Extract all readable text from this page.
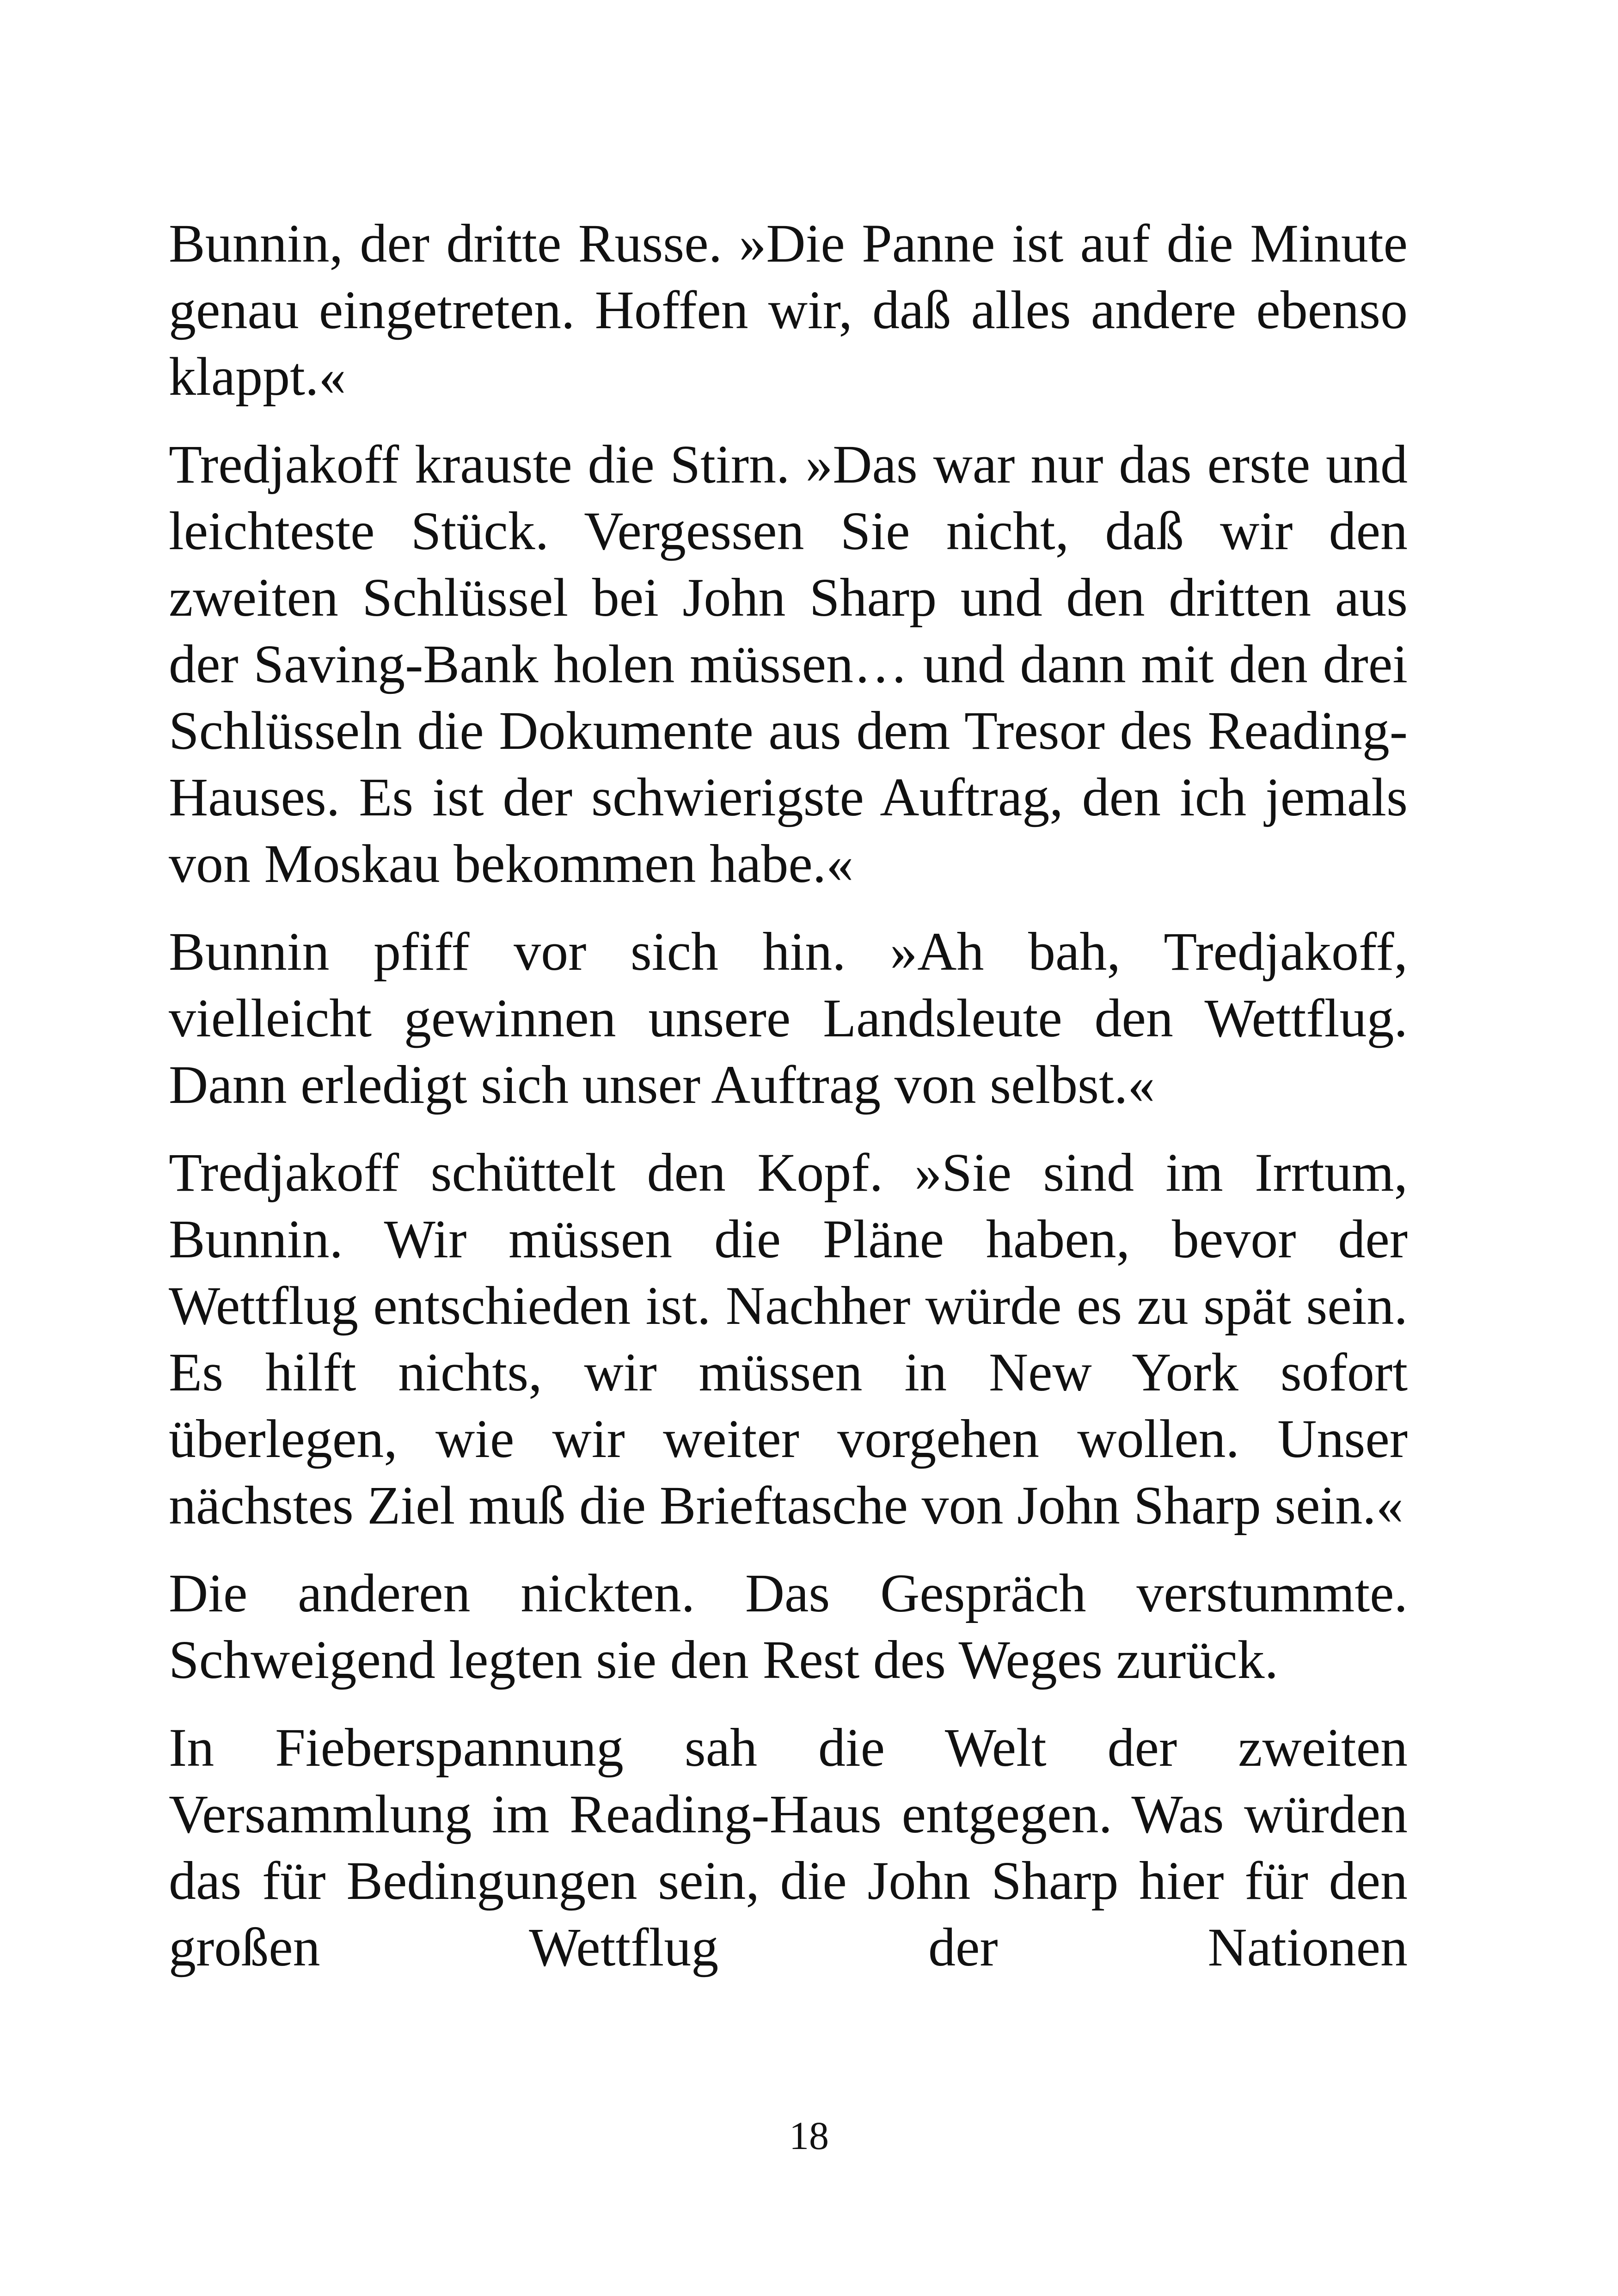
Bunnin, der dritte Russe. »Die Panne ist auf die Minute genau eingetreten. Hoffen wir, daß alles andere ebenso klappt.«

Tredjakoff krauste die Stirn. »Das war nur das erste und leichteste Stück. Vergessen Sie nicht, daß wir den zweiten Schlüssel bei John Sharp und den dritten aus der Saving-Bank holen müssen… und dann mit den drei Schlüsseln die Dokumente aus dem Tresor des Reading-Hauses. Es ist der schwierigste Auftrag, den ich jemals von Moskau bekommen habe.«

Bunnin pfiff vor sich hin. »Ah bah, Tredjakoff, vielleicht gewinnen unsere Landsleute den Wettflug. Dann erledigt sich unser Auftrag von selbst.«

Tredjakoff schüttelt den Kopf. »Sie sind im Irrtum, Bunnin. Wir müssen die Pläne haben, bevor der Wettflug entschieden ist. Nachher würde es zu spät sein. Es hilft nichts, wir müssen in New York sofort überlegen, wie wir weiter vorgehen wollen. Unser nächstes Ziel muß die Brieftasche von John Sharp sein.«

Die anderen nickten. Das Gespräch verstummte. Schweigend legten sie den Rest des Weges zurück.

In Fieberspannung sah die Welt der zweiten Versammlung im Reading-Haus entgegen. Was würden das für Bedingungen sein, die John Sharp hier für den großen Wettflug der Nationen

18
